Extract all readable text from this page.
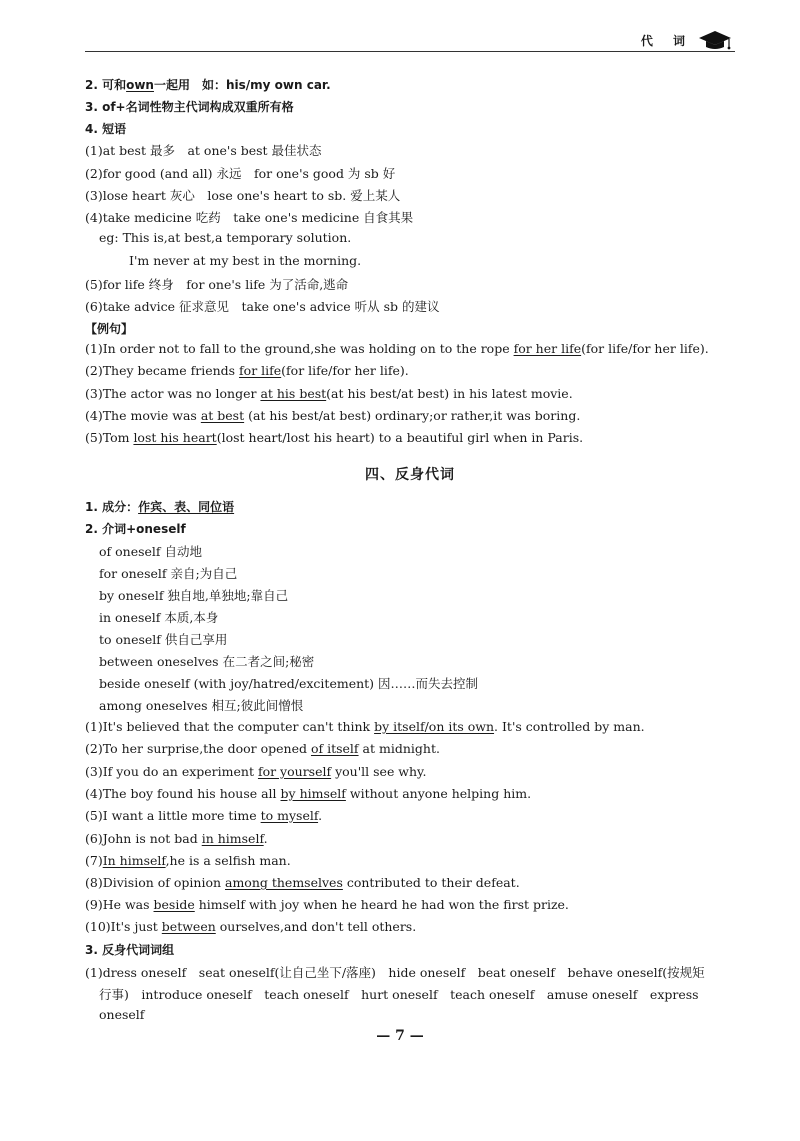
代 词
2. 可和own一起用　如：his/my own car.
3. of+名词性物主代词构成双重所有格
4. 短语
(1)at best 最多　at one's best 最佳状态
(2)for good (and all) 永远　for one's good 为 sb 好
(3)lose heart 灰心　lose one's heart to sb. 爱上某人
(4)take medicine 吃药　take one's medicine 自食其果
eg: This is,at best,a temporary solution.
I'm never at my best in the morning.
(5)for life 终身　for one's life 为了活命,逃命
(6)take advice 征求意见　take one's advice 听从 sb 的建议
【例句】
(1)In order not to fall to the ground,she was holding on to the rope for her life(for life/for her life).
(2)They became friends for life(for life/for her life).
(3)The actor was no longer at his best(at his best/at best) in his latest movie.
(4)The movie was at best (at his best/at best) ordinary;or rather,it was boring.
(5)Tom lost his heart(lost heart/lost his heart) to a beautiful girl when in Paris.
四、反身代词
1. 成分：作宾、表、同位语
2. 介词+oneself
of oneself 自动地
for oneself 亲自;为自己
by oneself 独自地,单独地;靠自己
in oneself 本质,本身
to oneself 供自己享用
between oneselves 在二者之间;秘密
beside oneself (with joy/hatred/excitement) 因……而失去控制
among oneselves 相互;彼此间憎恨
(1)It's believed that the computer can't think by itself/on its own. It's controlled by man.
(2)To her surprise,the door opened of itself at midnight.
(3)If you do an experiment for yourself you'll see why.
(4)The boy found his house all by himself without anyone helping him.
(5)I want a little more time to myself.
(6)John is not bad in himself.
(7)In himself,he is a selfish man.
(8)Division of opinion among themselves contributed to their defeat.
(9)He was beside himself with joy when he heard he had won the first prize.
(10)It's just between ourselves,and don't tell others.
3. 反身代词词组
(1)dress oneself　seat oneself(让自己坐下/落座)　hide oneself　beat oneself　behave oneself(按规矩
行事)　introduce oneself　teach oneself　hurt oneself　teach oneself　amuse oneself　express
oneself
— 7 —
